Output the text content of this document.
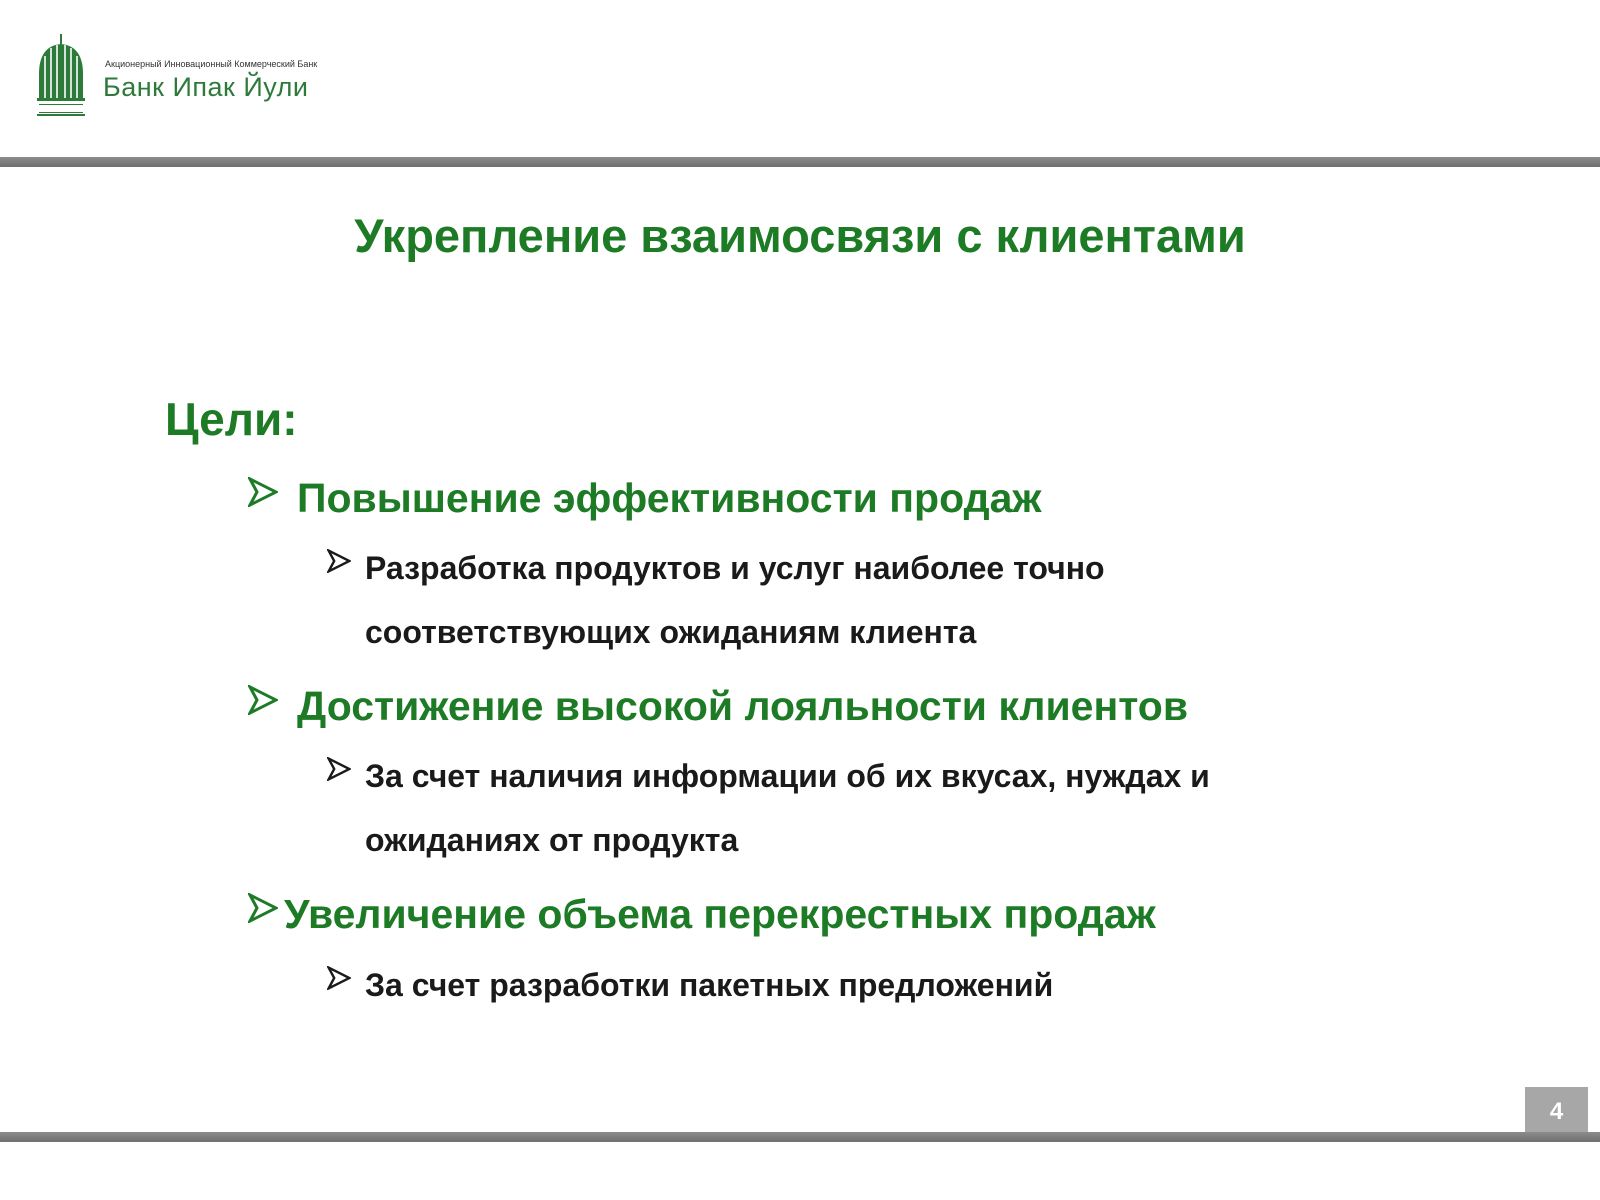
Акционерный Инновационный Коммерческий Банк
Банк Ипак Йули
Укрепление взаимосвязи с клиентами
Цели:
Повышение эффективности продаж
Разработка продуктов и услуг наиболее точно соответствующих ожиданиям клиента
Достижение высокой лояльности клиентов
За счет наличия информации об их вкусах, нуждах и ожиданиях от продукта
Увеличение объема перекрестных продаж
За счет разработки пакетных предложений
4
